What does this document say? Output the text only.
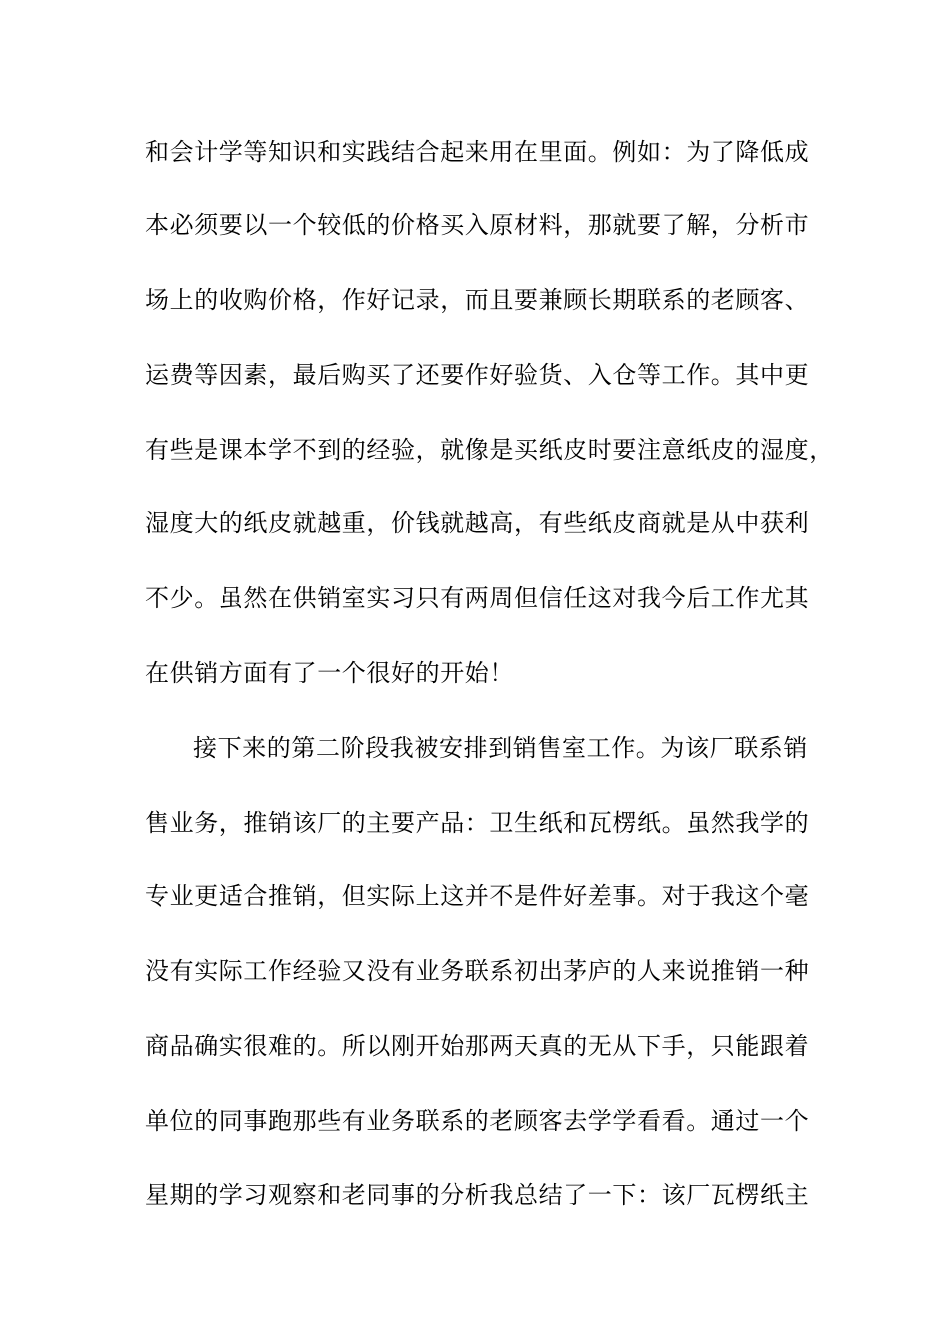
和会计学等知识和实践结合起来用在里面。例如：为了降低成
本必须要以一个较低的价格买入原材料，那就要了解，分析市
场上的收购价格，作好记录，而且要兼顾长期联系的老顾客、
运费等因素，最后购买了还要作好验货、入仓等工作。其中更
有些是课本学不到的经验，就像是买纸皮时要注意纸皮的湿度，
湿度大的纸皮就越重，价钱就越高，有些纸皮商就是从中获利
不少。虽然在供销室实习只有两周但信任这对我今后工作尤其
在供销方面有了一个很好的开始！
接下来的第二阶段我被安排到销售室工作。为该厂联系销
售业务，推销该厂的主要产品：卫生纸和瓦楞纸。虽然我学的
专业更适合推销，但实际上这并不是件好差事。对于我这个毫
没有实际工作经验又没有业务联系初出茅庐的人来说推销一种
商品确实很难的。所以刚开始那两天真的无从下手，只能跟着
单位的同事跑那些有业务联系的老顾客去学学看看。通过一个
星期的学习观察和老同事的分析我总结了一下：该厂瓦楞纸主
